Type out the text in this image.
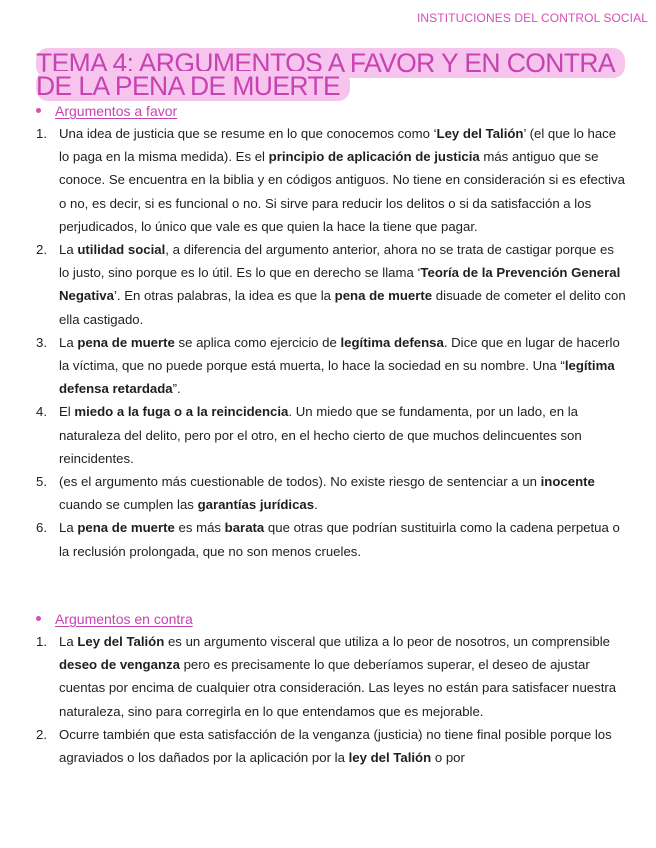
INSTITUCIONES DEL CONTROL SOCIAL
TEMA 4: ARGUMENTOS A FAVOR Y EN CONTRA DE LA PENA DE MUERTE
Argumentos a favor
1. Una idea de justicia que se resume en lo que conocemos como ‘Ley del Talión’ (el que lo hace lo paga en la misma medida). Es el principio de aplicación de justicia más antiguo que se conoce. Se encuentra en la biblia y en códigos antiguos. No tiene en consideración si es efectiva o no, es decir, si es funcional o no. Si sirve para reducir los delitos o si da satisfacción a los perjudicados, lo único que vale es que quien la hace la tiene que pagar.
2. La utilidad social, a diferencia del argumento anterior, ahora no se trata de castigar porque es lo justo, sino porque es lo útil. Es lo que en derecho se llama ‘Teoría de la Prevención General Negativa’. En otras palabras, la idea es que la pena de muerte disuade de cometer el delito con ella castigado.
3. La pena de muerte se aplica como ejercicio de legítima defensa. Dice que en lugar de hacerlo la víctima, que no puede porque está muerta, lo hace la sociedad en su nombre. Una “legítima defensa retardada”.
4. El miedo a la fuga o a la reincidencia. Un miedo que se fundamenta, por un lado, en la naturaleza del delito, pero por el otro, en el hecho cierto de que muchos delincuentes son reincidentes.
5. (es el argumento más cuestionable de todos). No existe riesgo de sentenciar a un inocente cuando se cumplen las garantías jurídicas.
6. La pena de muerte es más barata que otras que podrían sustituirla como la cadena perpetua o la reclusión prolongada, que no son menos crueles.
Argumentos en contra
1. La Ley del Talión es un argumento visceral que utiliza a lo peor de nosotros, un comprensible deseo de venganza pero es precisamente lo que deberíamos superar, el deseo de ajustar cuentas por encima de cualquier otra consideración. Las leyes no están para satisfacer nuestra naturaleza, sino para corregirla en lo que entendamos que es mejorable.
2. Ocurre también que esta satisfacción de la venganza (justicia) no tiene final posible porque los agraviados o los dañados por la aplicación por la ley del Talión o por
